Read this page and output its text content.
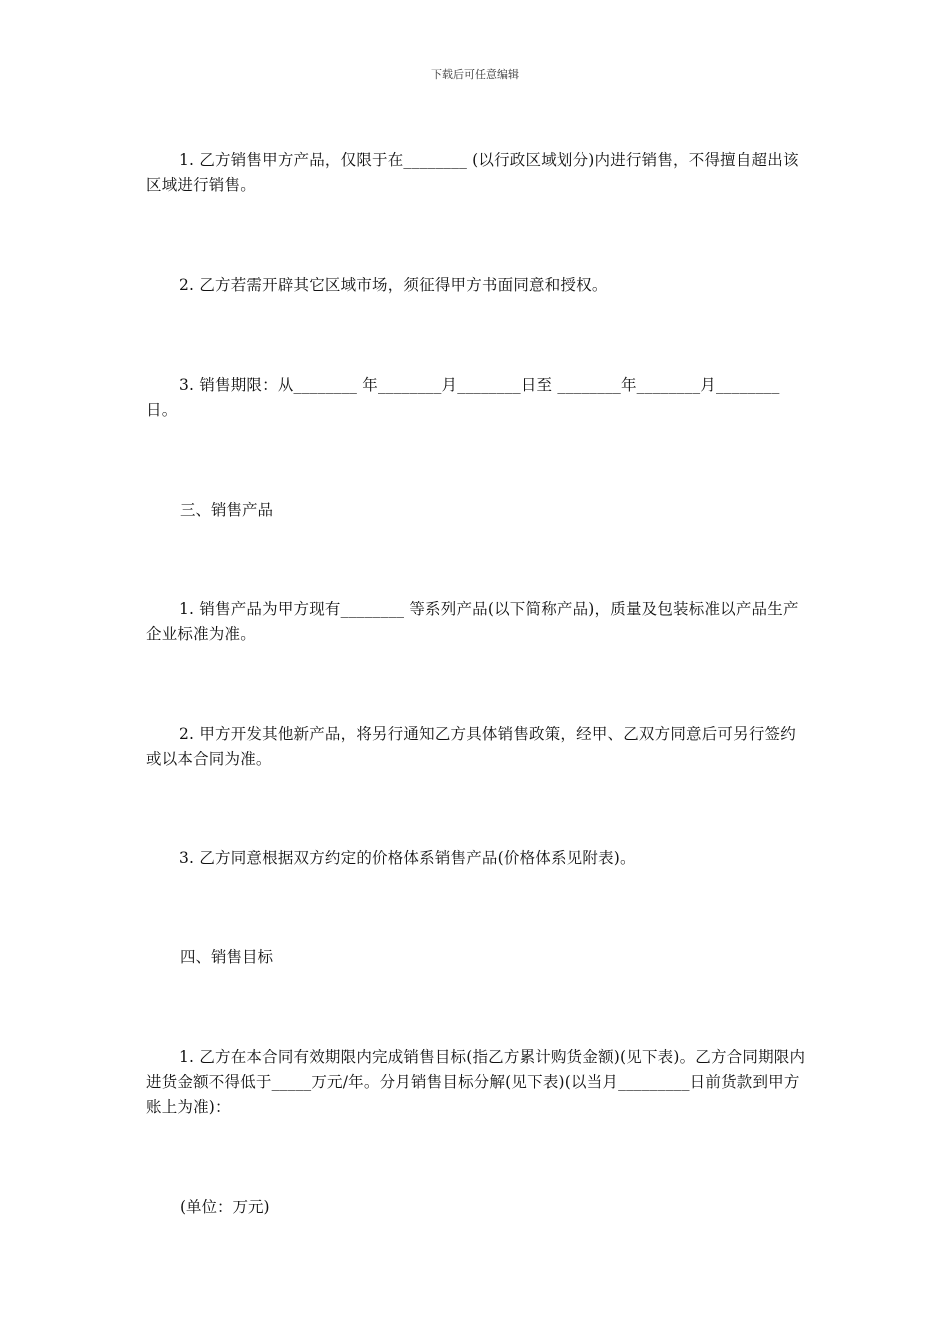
下载后可任意编辑

1. 乙方销售甲方产品，仅限于在________ (以行政区域划分)内进行销售，不得擅自超出该区域进行销售。

2. 乙方若需开辟其它区域市场，须征得甲方书面同意和授权。

3. 销售期限：从________ 年________月________日至 ________年________月________日。

三、销售产品

1. 销售产品为甲方现有________ 等系列产品(以下简称产品)，质量及包装标准以产品生产企业标准为准。

2. 甲方开发其他新产品，将另行通知乙方具体销售政策，经甲、乙双方同意后可另行签约或以本合同为准。

3. 乙方同意根据双方约定的价格体系销售产品(价格体系见附表)。

四、销售目标

1. 乙方在本合同有效期限内完成销售目标(指乙方累计购货金额)(见下表)。乙方合同期限内进货金额不得低于_____万元/年。分月销售目标分解(见下表)(以当月_________日前货款到甲方账上为准)：

(单位：万元)
